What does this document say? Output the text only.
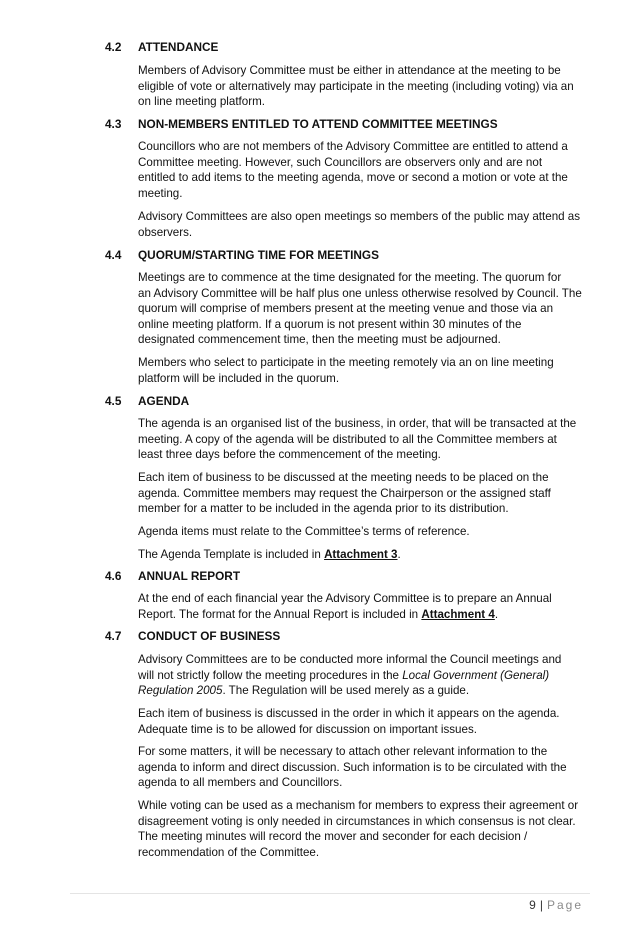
4.2 ATTENDANCE
Members of Advisory Committee must be either in attendance at the meeting to be
eligible of vote or alternatively may participate in the meeting (including voting) via an
on line meeting platform.
4.3 NON-MEMBERS ENTITLED TO ATTEND COMMITTEE MEETINGS
Councillors who are not members of the Advisory Committee are entitled to attend a
Committee meeting. However, such Councillors are observers only and are not
entitled to add items to the meeting agenda, move or second a motion or vote at the
meeting.
Advisory Committees are also open meetings so members of the public may attend as
observers.
4.4 QUORUM/STARTING TIME FOR MEETINGS
Meetings are to commence at the time designated for the meeting. The quorum for
an Advisory Committee will be half plus one unless otherwise resolved by Council. The
quorum will comprise of members present at the meeting venue and those via an
online meeting platform. If a quorum is not present within 30 minutes of the
designated commencement time, then the meeting must be adjourned.
Members who select to participate in the meeting remotely via an on line meeting
platform will be included in the quorum.
4.5 AGENDA
The agenda is an organised list of the business, in order, that will be transacted at the
meeting. A copy of the agenda will be distributed to all the Committee members at
least three days before the commencement of the meeting.
Each item of business to be discussed at the meeting needs to be placed on the
agenda. Committee members may request the Chairperson or the assigned staff
member for a matter to be included in the agenda prior to its distribution.
Agenda items must relate to the Committee’s terms of reference.
The Agenda Template is included in Attachment 3.
4.6 ANNUAL REPORT
At the end of each financial year the Advisory Committee is to prepare an Annual
Report. The format for the Annual Report is included in Attachment 4.
4.7 CONDUCT OF BUSINESS
Advisory Committees are to be conducted more informal the Council meetings and
will not strictly follow the meeting procedures in the Local Government (General)
Regulation 2005. The Regulation will be used merely as a guide.
Each item of business is discussed in the order in which it appears on the agenda.
Adequate time is to be allowed for discussion on important issues.
For some matters, it will be necessary to attach other relevant information to the
agenda to inform and direct discussion. Such information is to be circulated with the
agenda to all members and Councillors.
While voting can be used as a mechanism for members to express their agreement or
disagreement voting is only needed in circumstances in which consensus is not clear.
The meeting minutes will record the mover and seconder for each decision /
recommendation of the Committee.
9 | Page
